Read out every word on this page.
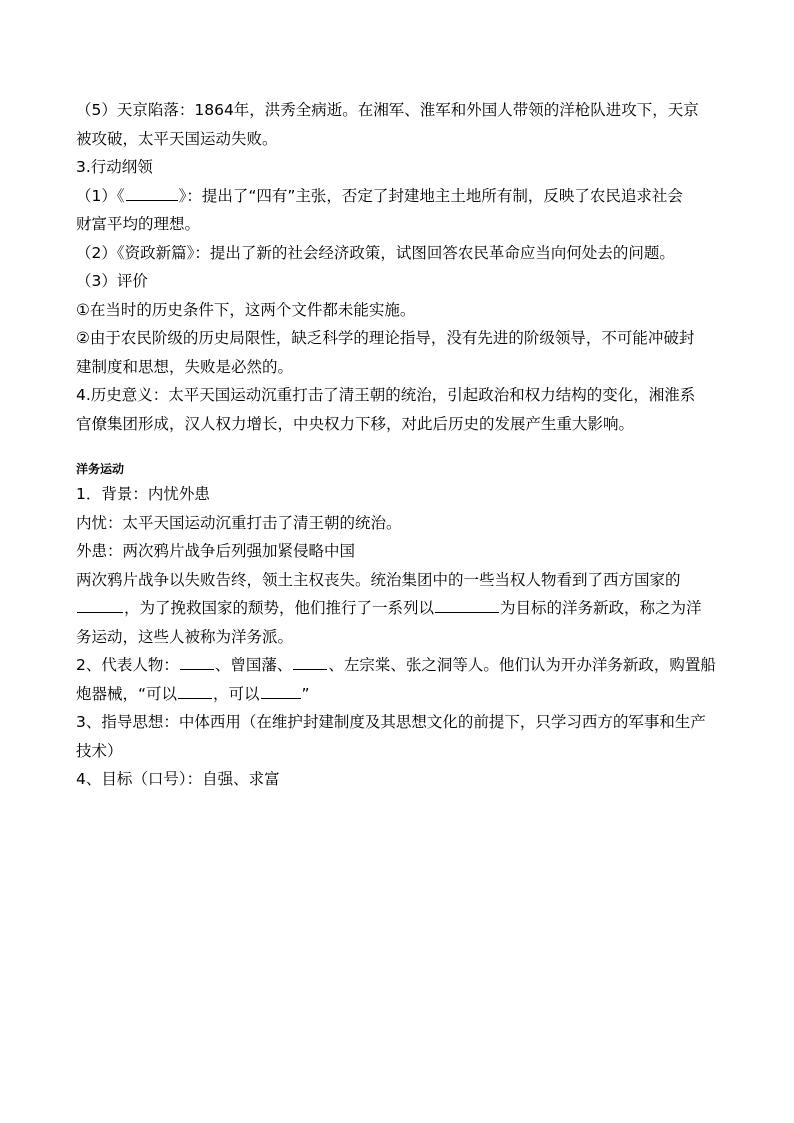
（5）天京陷落：1864年，洪秀全病逝。在湘军、淮军和外国人带领的洋枪队进攻下，天京
被攻破，太平天国运动失败。
3.行动纲领
（1）《	》：提出了“四有”主张，否定了封建地主土地所有制，反映了农民追求社会
财富平均的理想。
（2）《资政新篇》：提出了新的社会经济政策，试图回答农民革命应当向何处去的问题。
（3）评价
①在当时的历史条件下，这两个文件都未能实施。
②由于农民阶级的历史局限性，缺乏科学的理论指导，没有先进的阶级领导，不可能冲破封
建制度和思想，失败是必然的。
4.历史意义：太平天国运动沉重打击了清王朝的统治，引起政治和权力结构的变化，湘淮系
官僚集团形成，汉人权力增长，中央权力下移，对此后历史的发展产生重大影响。
洋务运动
1．背景：内忧外患
内忧：太平天国运动沉重打击了清王朝的统治。
外患：两次鸦片战争后列强加紧侵略中国
两次鸦片战争以失败告终，领土主权丧失。统治集团中的一些当权人物看到了西方国家的
，为了挽救国家的颓势，他们推行了一系列以	为目标的洋务新政，称之为洋
务运动，这些人被称为洋务派。
2、代表人物： 、曾国藩、 、左宗棠、张之洞等人。他们认为开办洋务新政，购置船
炮器械，“可以 ，可以	”
3、指导思想：中体西用（在维护封建制度及其思想文化的前提下，只学习西方的军事和生产
技术）
4、目标（口号）：自强、求富
